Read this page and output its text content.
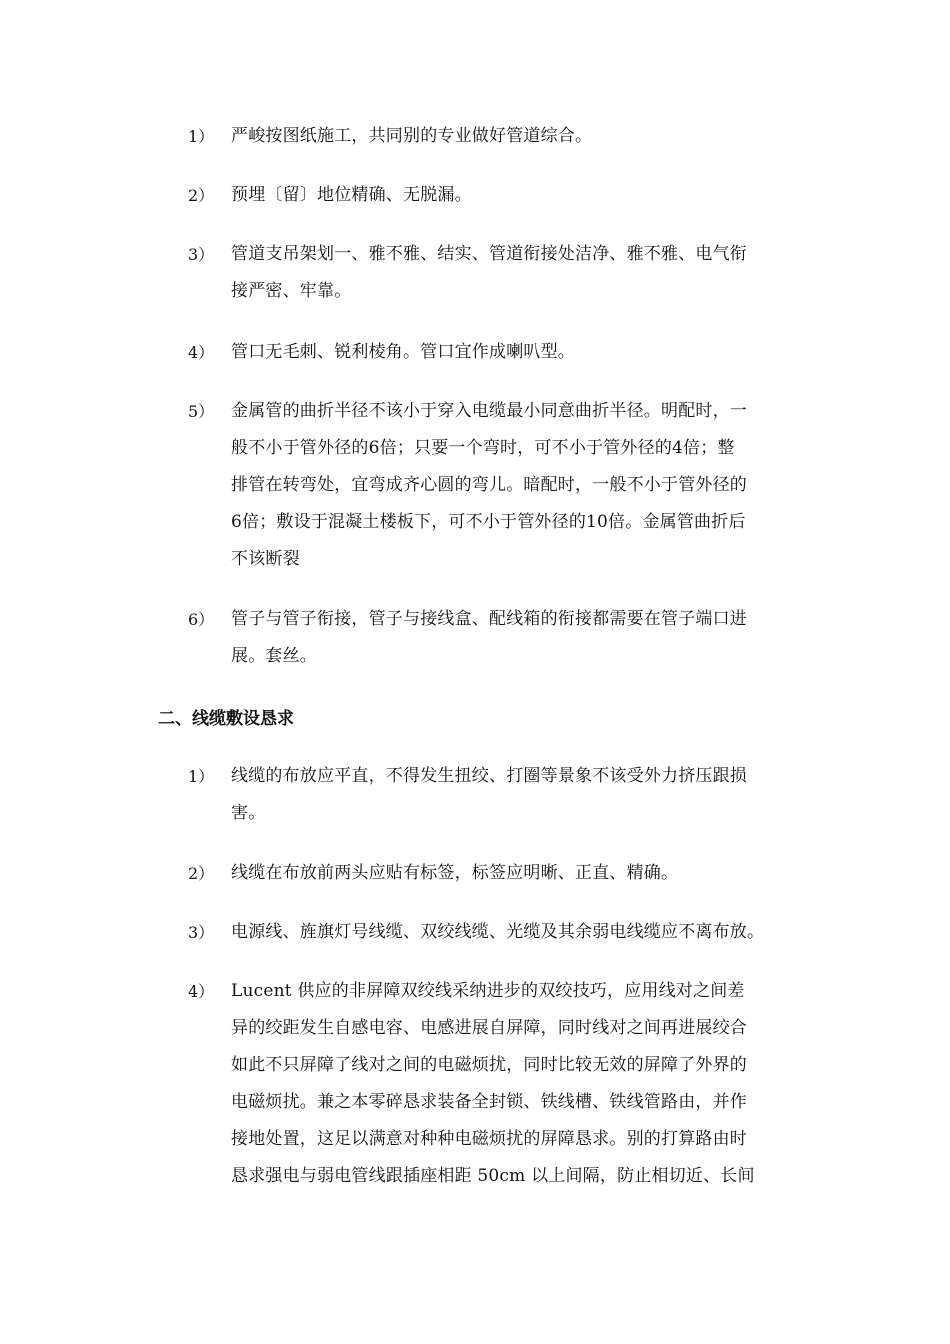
1） 严峻按图纸施工，共同别的专业做好管道综合。
2） 预埋〔留〕地位精确、无脱漏。
3） 管道支吊架划一、雅不雅、结实、管道衔接处洁净、雅不雅、电气衔
接严密、牢靠。
4） 管口无毛刺、锐利棱角。管口宜作成喇叭型。
5） 金属管的曲折半径不该小于穿入电缆最小同意曲折半径。明配时，一
般不小于管外径的6倍；只要一个弯时，可不小于管外径的4倍；整
排管在转弯处，宜弯成齐心圆的弯儿。暗配时，一般不小于管外径的
6倍；敷设于混凝土楼板下，可不小于管外径的10倍。金属管曲折后
不该断裂
6） 管子与管子衔接，管子与接线盒、配线箱的衔接都需要在管子端口进
展。套丝。
二、线缆敷设恳求
1） 线缆的布放应平直，不得发生扭绞、打圈等景象不该受外力挤压跟损
害。
2） 线缆在布放前两头应贴有标签，标签应明晰、正直、精确。
3） 电源线、旌旗灯号线缆、双绞线缆、光缆及其余弱电线缆应不离布放。
4） Lucent 供应的非屏障双绞线采纳进步的双绞技巧，应用线对之间差
异的绞距发生自感电容、电感进展自屏障，同时线对之间再进展绞合
如此不只屏障了线对之间的电磁烦扰，同时比较无效的屏障了外界的
电磁烦扰。兼之本零碎恳求装备全封锁、铁线槽、铁线管路由，并作
接地处置，这足以满意对种种电磁烦扰的屏障恳求。别的打算路由时
恳求强电与弱电管线跟插座相距 50cm 以上间隔，防止相切近、长间
